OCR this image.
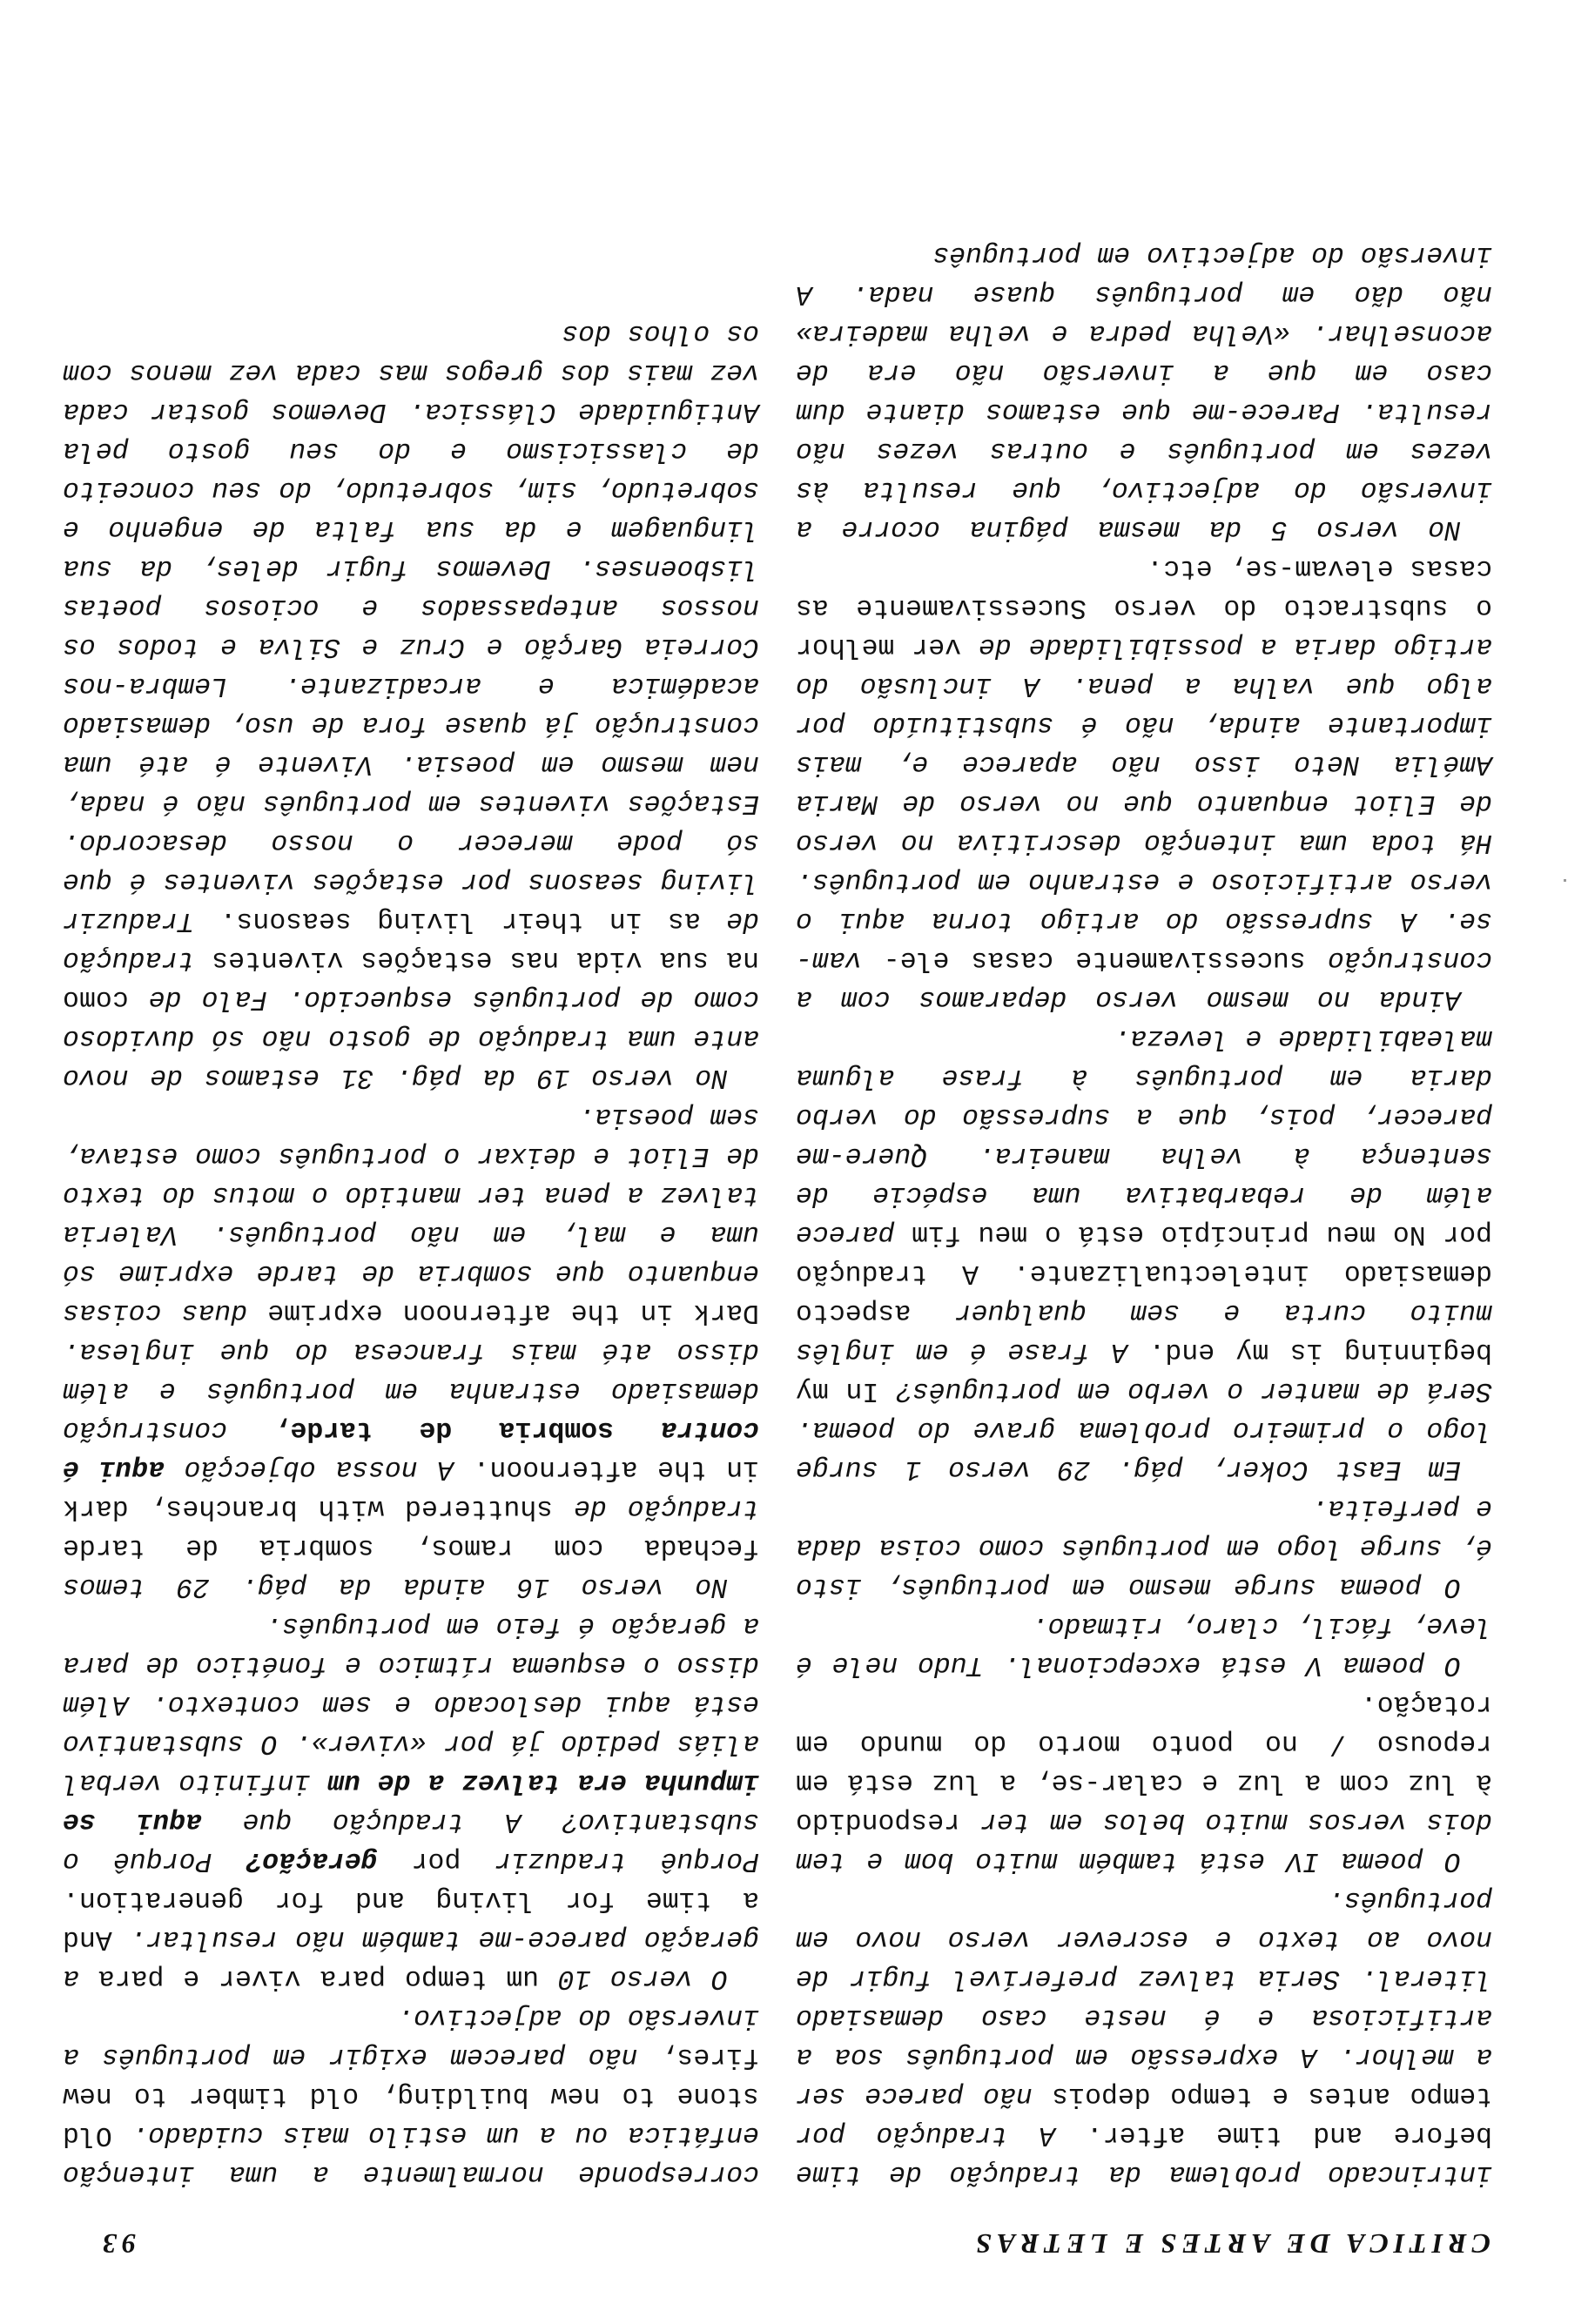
CRITICA DE ARTES E LETRAS
93

intrincado problema da tradução de time before and time after. A tradução por tempo antes e tempo depois não parece ser a melhor. A expressão em português soa a artificiosa e é neste caso demasiado literal. Seria talvez preferível fugir de novo ao texto e escrever verso novo em português.

O poema IV está também muito bom e tem dois versos muito belos em ter respondido à luz com a luz e calar-se, a luz está em repouso / no ponto morto do mundo em rotação.

O poema V está excepcional. Tudo nele é leve, fácil, claro, ritmado.

O poema surge mesmo em português, isto é, surge logo em português como coisa dada e perfeita.

Em East Coker, pág. 29 verso 1 surge logo o primeiro problema grave do poema. Será de manter o verbo em português? In my beginning is my end. A frase é em inglês muito curta e sem qualquer aspecto demasiado intelectualizante. A tradução por No meu princípio está o meu fim parece além de rebarbativa uma espécie de sentença à velha maneira. Quere-me parecer, pois, que a supressão do verbo daria em português à frase alguma maleabilidade e leveza.

Ainda no mesmo verso deparamos com a construção sucessivamente casas ele- vam-se. A supressão do artigo torna aqui o verso artificioso e estranho em português. Há toda uma intenção descritiva no verso de Eliot enquanto que no verso de Maria Amélia Neto isso não aparece e, mais importante ainda, não é substituído por algo que valha a pena. A inclusão do artigo daria a possibilidade de ver melhor o substracto do verso Sucessivamente as casas elevam-se, etc.

No verso 5 da mesma página ocorre a inversão do adjectivo, que resulta às vezes em português e outras vezes não resulta. Parece-me que estamos diante dum caso em que a inversão não era de aconselhar. «Velha pedra e velha madeira» não dão em português quase nada. A inversão do adjectivo em português

corresponde normalmente a uma intenção enfática ou a um estilo mais cuidado. Old stone to new building, old timber to new fires, não parecem exigir em português a inversão do adjectivo.

O verso 10 um tempo para viver e para a geração parece-me também não resultar. And a time for living and for generation. Porquê traduzir por geração? Porquê o substantivo? A tradução que aqui se impunha era talvez a de um infinito verbal aliás pedido já por «viver». O substantivo está aqui deslocado e sem contexto. Além disso o esquema rítmico e fonético de para a geração é feio em português.

No verso 16 ainda da pág. 29 temos fechada com ramos, sombria de tarde tradução de shuttered with branches, dark in the afternoon. A nossa objecção aqui é contra sombria de tarde, construção demasiado estranha em português e além disso até mais francesa do que inglesa. Dark in the afternoon exprime duas coisas enquanto que sombria de tarde exprime só uma e mal, em não português. Valeria talvez a pena ter mantido o motus do texto de Eliot e deixar o português como estava, sem poesia.

No verso 19 da pág. 31 estamos de novo ante uma tradução de gosto não só duvidoso como de português esquecido. Falo de como na sua vida nas estações viventes tradução de as in their living seasons. Traduzir living seasons por estações viventes é que só pode merecer o nosso desacordo. Estações viventes em português não é nada, nem mesmo em poesia. Vivente é até uma construção já quase fora de uso, demasiado académica e arcadizante. Lembra-nos Correia Garção e Cruz e Silva e todos os nossos antepassados e ociosos poetas lisboenses. Devemos fugir deles, da sua linguagem e da sua falta de engenho e sobretudo, sim, sobretudo, do seu conceito de classicismo e do seu gosto pela Antiguidade Clássica. Devemos gostar cada vez mais dos gregos mas cada vez menos com os olhos dos
